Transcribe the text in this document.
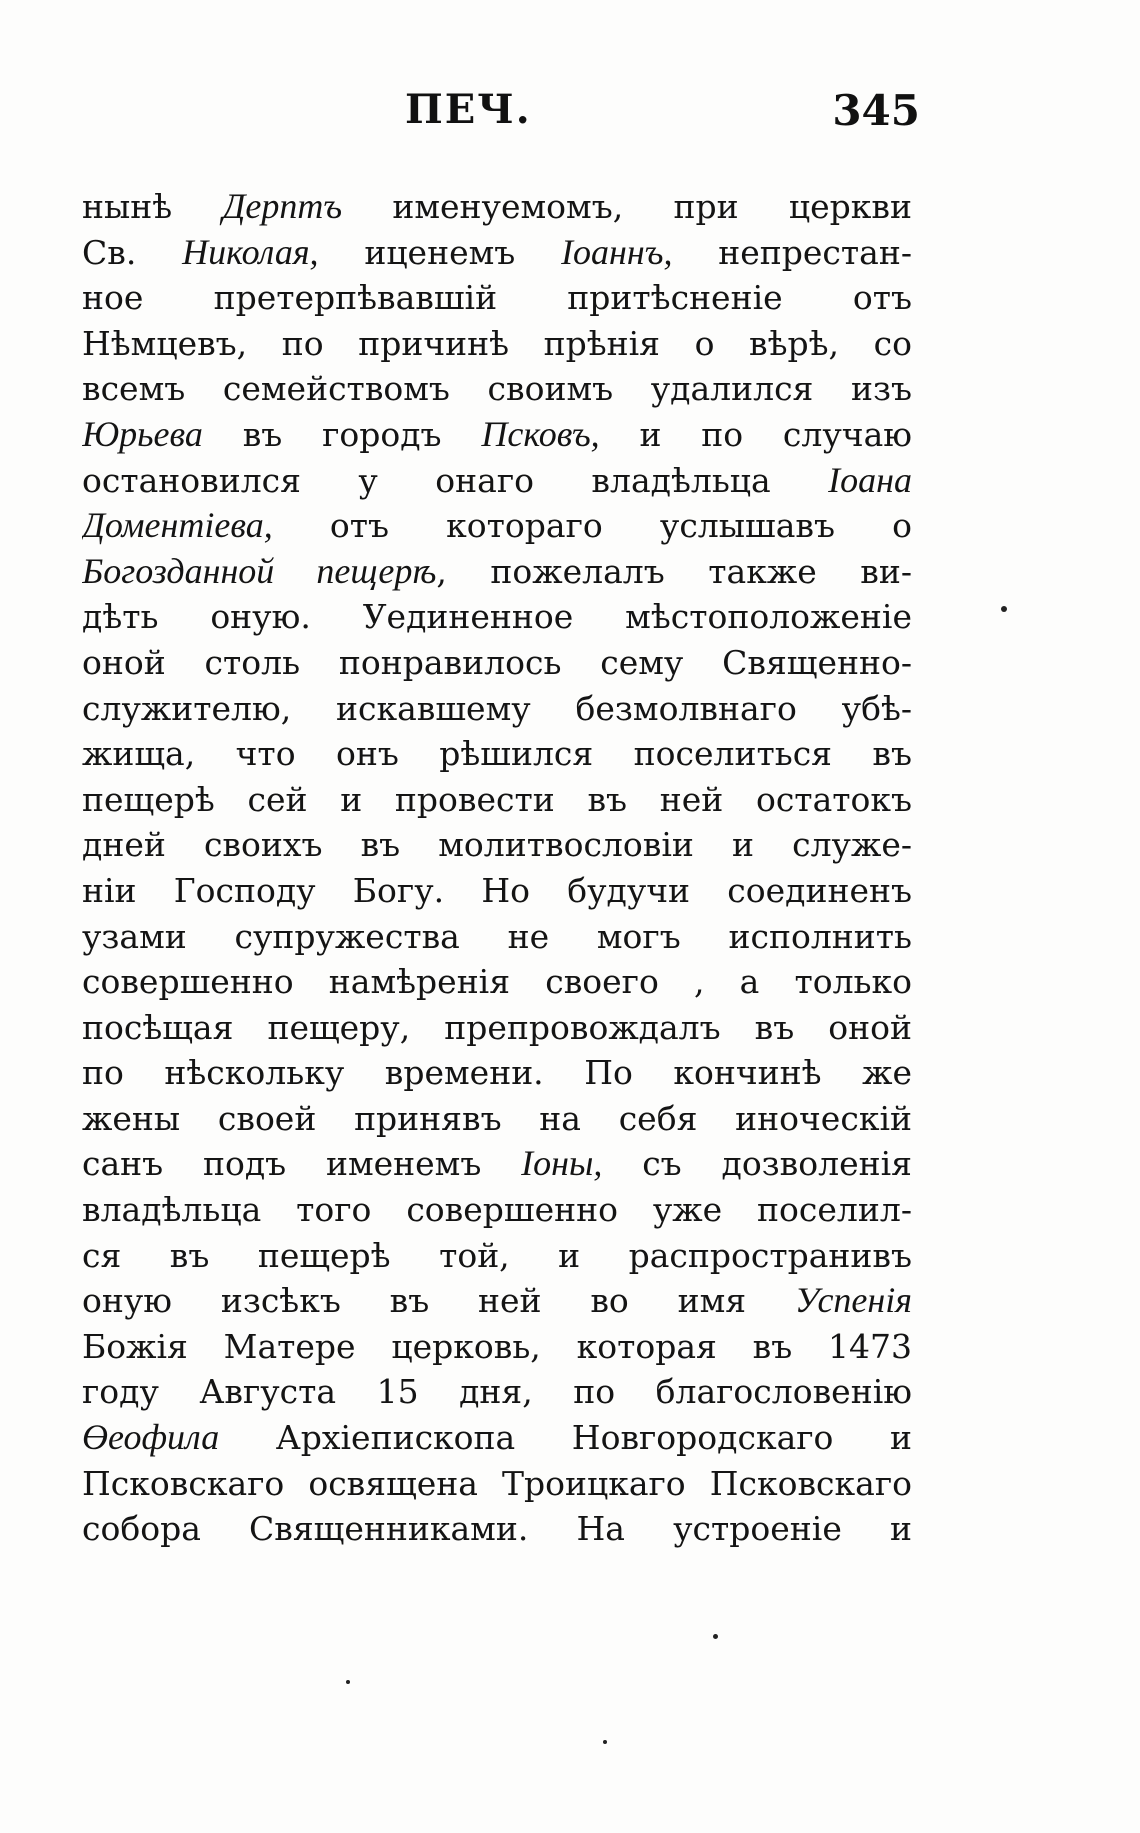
ПЕЧ.	345
нынѣ Дерптъ именуемомъ, при церкви
Св. Николая, иценемъ Іоаннъ, непрестан-
ное претерпѣвавшій притѣсненіе отъ
Нѣмцевъ, по причинѣ прѣнія о вѣрѣ, со
всемъ семействомъ своимъ удалился изъ
Юрьева въ городъ Псковъ, и по случаю
остановился у онаго владѣльца Іоана
Доментіева, отъ котораго услышавъ о
Богозданной пещерѣ, пожелалъ также ви-
дѣть оную. Уединенное мѣстоположеніе
оной столь понравилось сему Священно-
служителю, искавшему безмолвнаго убѣ-
жища, что онъ рѣшился поселиться въ
пещерѣ сей и провести въ ней остатокъ
дней своихъ въ молитвословіи и служе-
ніи Господу Богу. Но будучи соединенъ
узами супружества не могъ исполнить
совершенно намѣренія своего , а только
посѣщая пещеру, препровождалъ въ оной
по нѣскольку времени. По кончинѣ же
жены своей принявъ на себя иноческій
санъ подъ именемъ Іоны, съ дозволенія
владѣльца того совершенно уже поселил-
ся въ пещерѣ той, и распространивъ
оную изсѣкъ въ ней во имя Успенія
Божія Матере церковь, которая въ 1473
году Августа 15 дня, по благословенію
Өеофила Архіепископа Новгородскаго и
Псковскаго освящена Троицкаго Псковскаго
собора Священниками. На устроеніе и
